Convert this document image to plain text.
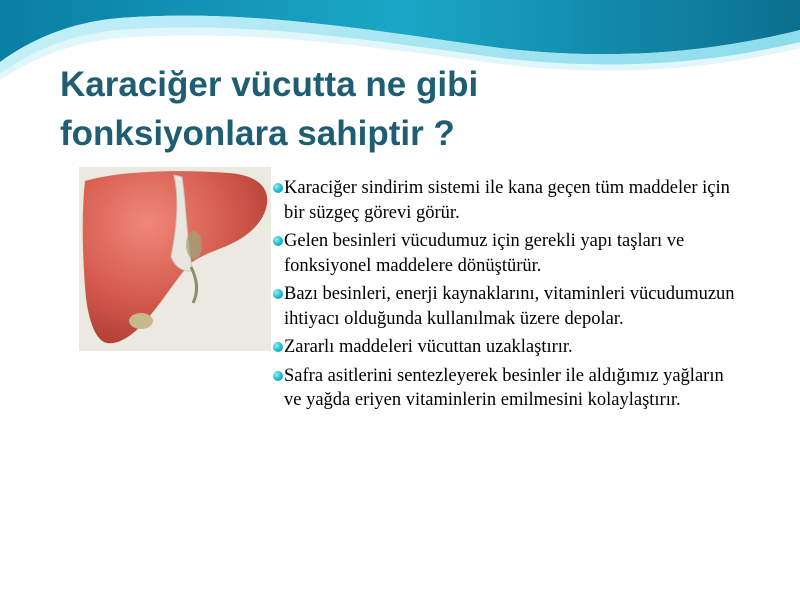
Karaciğer vücutta ne gibi
fonksiyonlara sahiptir ?
Karaciğer sindirim sistemi ile kana geçen tüm maddeler için bir süzgeç görevi görür.
Gelen besinleri vücudumuz için gerekli yapı taşları ve fonksiyonel maddelere dönüştürür.
Bazı besinleri, enerji kaynaklarını, vitaminleri vücudumuzun ihtiyacı olduğunda kullanılmak üzere depolar.
Zararlı maddeleri vücuttan uzaklaştırır.
Safra asitlerini sentezleyerek besinler ile aldığımız yağların ve yağda eriyen vitaminlerin emilmesini kolaylaştırır.
